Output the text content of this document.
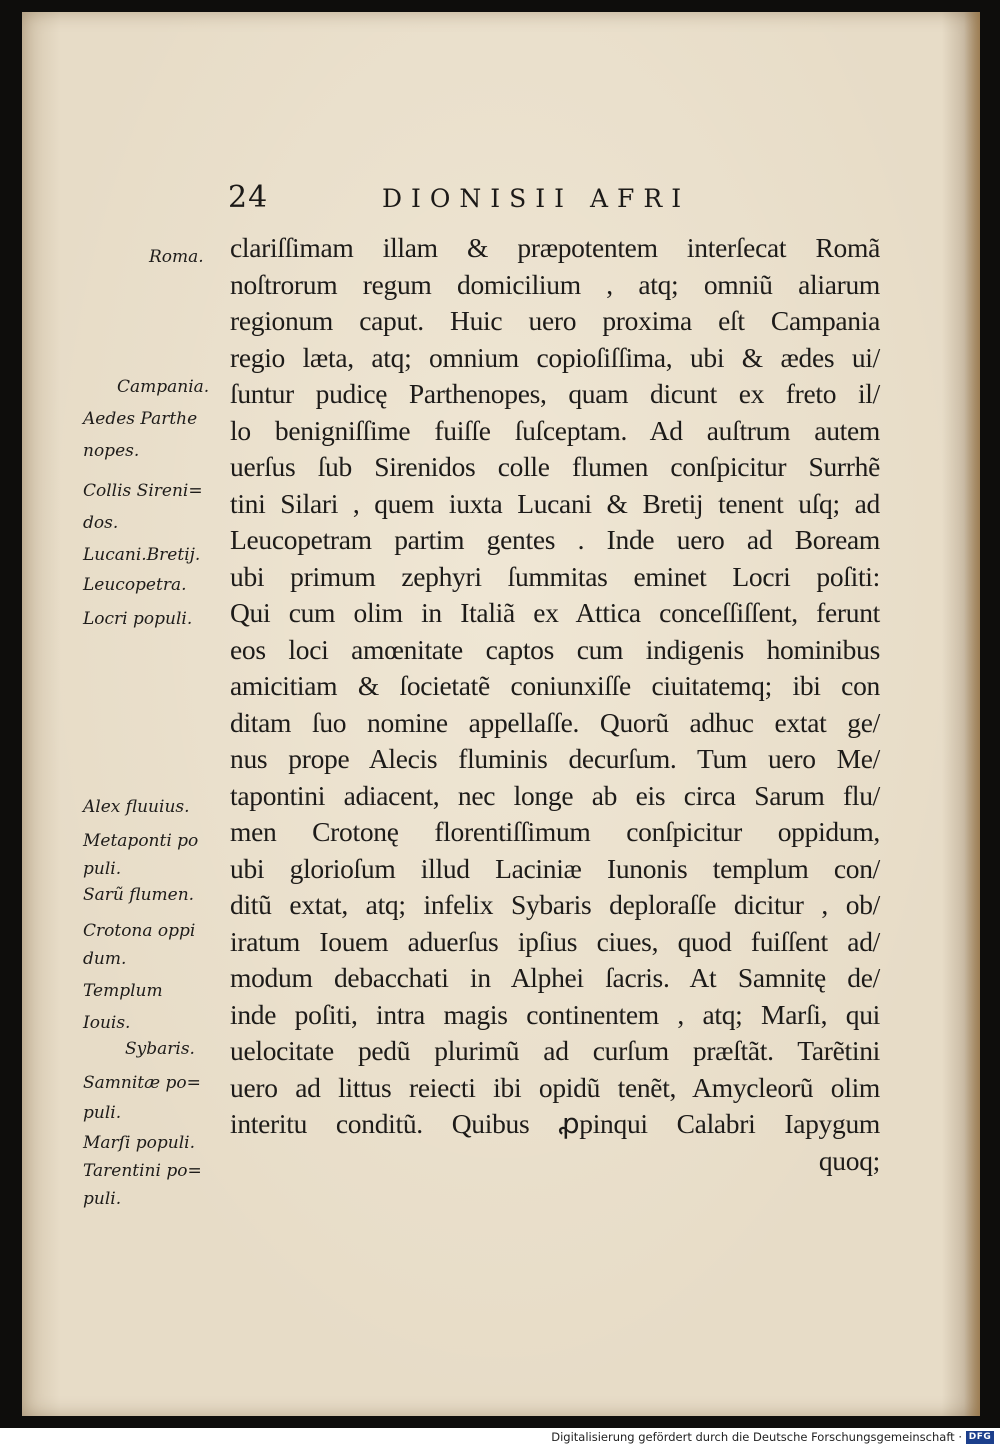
24	DIONISII AFRI
Roma.
Campania.
Aedes Parthe
nopes.
Collis Sireni=
dos.
Lucani.Bretij.
Leucopetra.
Locri populi.
Alex fluuius.
Metaponti po
puli.
Sarũ flumen.
Crotona oppi
dum.
Templum
Iouis.
Sybaris.
Samnitæ po=
puli.
Marſi populi.
Tarentini po=
puli.
clariſſimam illam & præpotentem interſecat Romã
noſtrorum regum domicilium , atq; omniũ aliarum
regionum caput. Huic uero proxima eſt Campania
regio læta, atq; omnium copioſiſſima, ubi & ædes ui/
ſuntur pudicę Parthenopes, quam dicunt ex freto il/
lo benigniſſime fuiſſe ſuſceptam. Ad auſtrum autem
uerſus ſub Sirenidos colle flumen conſpicitur Surrhẽ
tini Silari , quem iuxta Lucani & Bretij tenent uſq; ad
Leucopetram partim gentes . Inde uero ad Boream
ubi primum zephyri ſummitas eminet Locri poſiti:
Qui cum olim in Italiã ex Attica conceſſiſſent, ferunt
eos loci amœnitate captos cum indigenis hominibus
amicitiam & ſocietatẽ coniunxiſſe ciuitatemq; ibi con
ditam ſuo nomine appellaſſe. Quorũ adhuc extat ge/
nus prope Alecis fluminis decurſum. Tum uero Me/
tapontini adiacent, nec longe ab eis circa Sarum flu/
men Crotonę florentiſſimum conſpicitur oppidum,
ubi glorioſum illud Laciniæ Iunonis templum con/
ditũ extat, atq; infelix Sybaris deploraſſe dicitur , ob/
iratum Iouem aduerſus ipſius ciues, quod fuiſſent ad/
modum debacchati in Alphei ſacris. At Samnitę de/
inde poſiti, intra magis continentem , atq; Marſi, qui
uelocitate pedũ plurimũ ad curſum præſtãt. Tarẽtini
uero ad littus reiecti ibi opidũ tenẽt, Amycleorũ olim
interitu conditũ. Quibus ꝓpinqui Calabri Iapygum
quoq;
Digitalisierung gefördert durch die Deutsche Forschungsgemeinschaft · DFG
